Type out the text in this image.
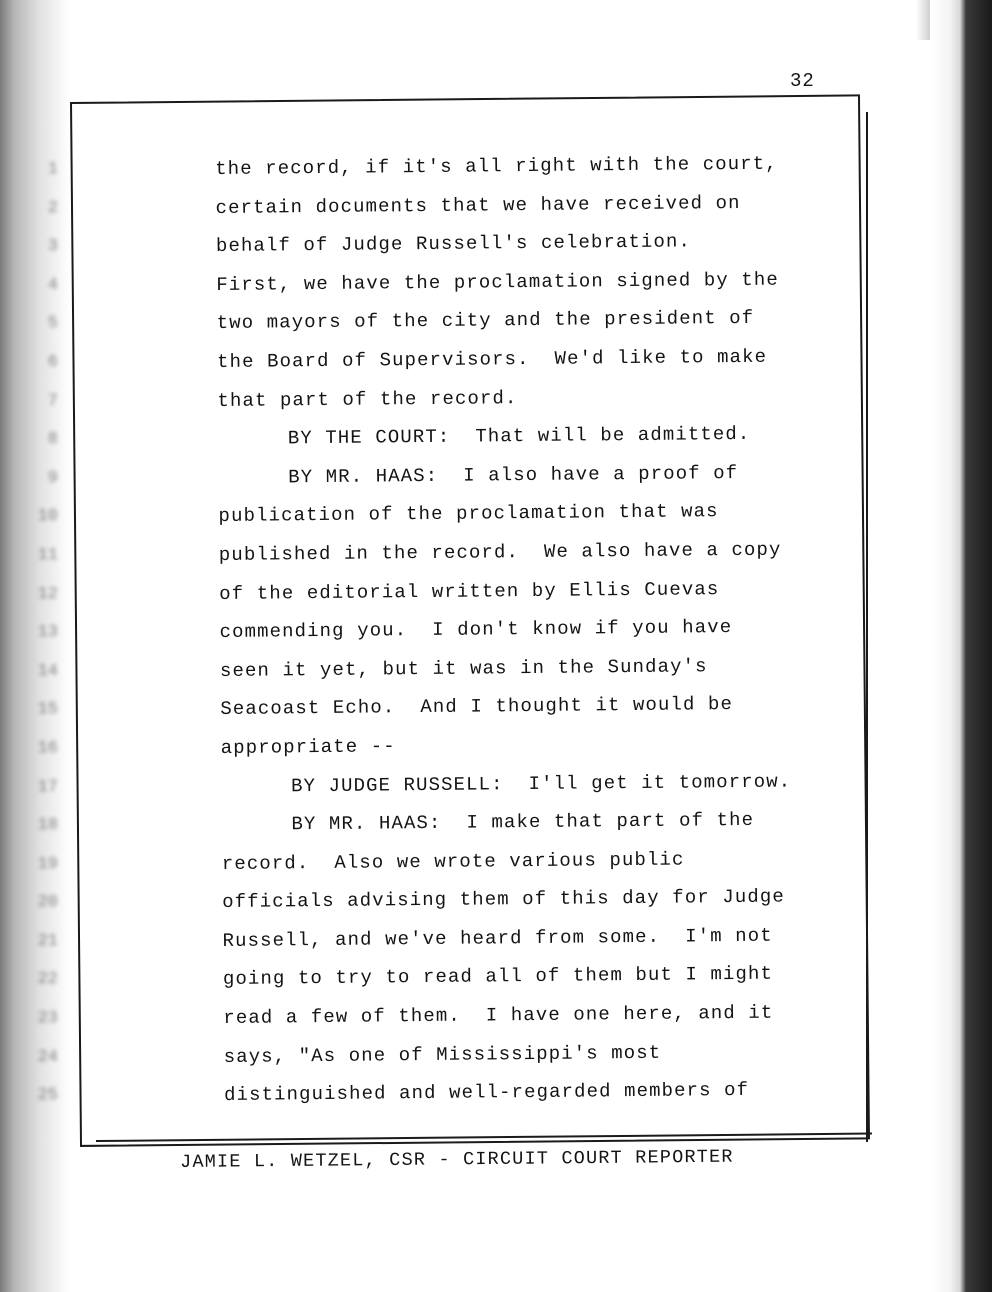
32
1
2
3
4
5
6
7
8
9
10
11
12
13
14
15
16
17
18
19
20
21
22
23
24
25
the record, if it's all right with the court,
certain documents that we have received on
behalf of Judge Russell's celebration.
First, we have the proclamation signed by the
two mayors of the city and the president of
the Board of Supervisors.  We'd like to make
that part of the record.
BY THE COURT:  That will be admitted.
BY MR. HAAS:  I also have a proof of
publication of the proclamation that was
published in the record.  We also have a copy
of the editorial written by Ellis Cuevas
commending you.  I don't know if you have
seen it yet, but it was in the Sunday's
Seacoast Echo.  And I thought it would be
appropriate --
BY JUDGE RUSSELL:  I'll get it tomorrow.
BY MR. HAAS:  I make that part of the
record.  Also we wrote various public
officials advising them of this day for Judge
Russell, and we've heard from some.  I'm not
going to try to read all of them but I might
read a few of them.  I have one here, and it
says, "As one of Mississippi's most
distinguished and well-regarded members of
JAMIE L. WETZEL, CSR - CIRCUIT COURT REPORTER
